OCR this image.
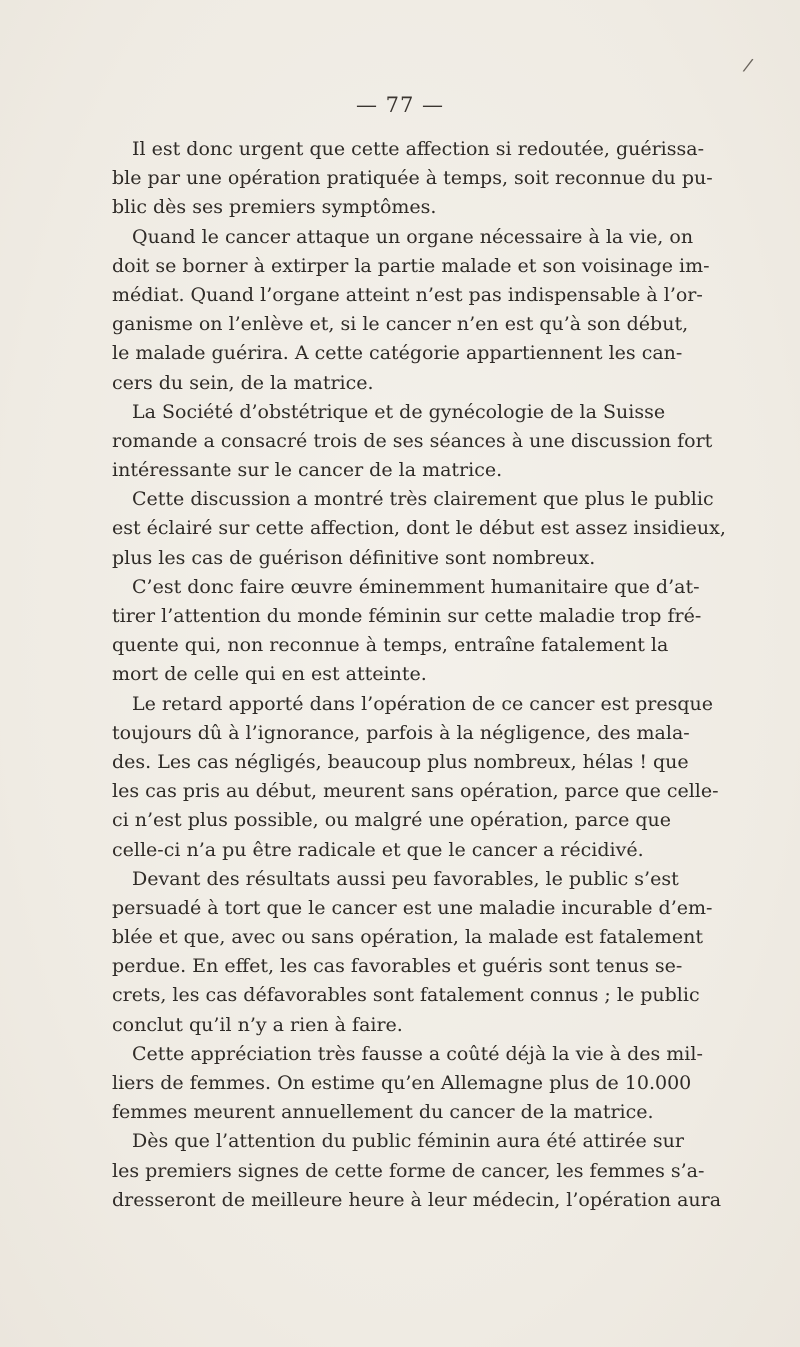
/
— 77 —
Il est donc urgent que cette affection si redoutée, guérissa-
ble par une opération pratiquée à temps, soit reconnue du pu-
blic dès ses premiers symptômes.
Quand le cancer attaque un organe nécessaire à la vie, on
doit se borner à extirper la partie malade et son voisinage im-
médiat. Quand l’organe atteint n’est pas indispensable à l’or-
ganisme on l’enlève et, si le cancer n’en est qu’à son début,
le malade guérira. A cette catégorie appartiennent les can-
cers du sein, de la matrice.
La Société d’obstétrique et de gynécologie de la Suisse
romande a consacré trois de ses séances à une discussion fort
intéressante sur le cancer de la matrice.
Cette discussion a montré très clairement que plus le public
est éclairé sur cette affection, dont le début est assez insidieux,
plus les cas de guérison définitive sont nombreux.
C’est donc faire œuvre éminemment humanitaire que d’at-
tirer l’attention du monde féminin sur cette maladie trop fré-
quente qui, non reconnue à temps, entraîne fatalement la
mort de celle qui en est atteinte.
Le retard apporté dans l’opération de ce cancer est presque
toujours dû à l’ignorance, parfois à la négligence, des mala-
des. Les cas négligés, beaucoup plus nombreux, hélas ! que
les cas pris au début, meurent sans opération, parce que celle-
ci n’est plus possible, ou malgré une opération, parce que
celle-ci n’a pu être radicale et que le cancer a récidivé.
Devant des résultats aussi peu favorables, le public s’est
persuadé à tort que le cancer est une maladie incurable d’em-
blée et que, avec ou sans opération, la malade est fatalement
perdue. En effet, les cas favorables et guéris sont tenus se-
crets, les cas défavorables sont fatalement connus ; le public
conclut qu’il n’y a rien à faire.
Cette appréciation très fausse a coûté déjà la vie à des mil-
liers de femmes. On estime qu’en Allemagne plus de 10.000
femmes meurent annuellement du cancer de la matrice.
Dès que l’attention du public féminin aura été attirée sur
les premiers signes de cette forme de cancer, les femmes s’a-
dresseront de meilleure heure à leur médecin, l’opération aura
